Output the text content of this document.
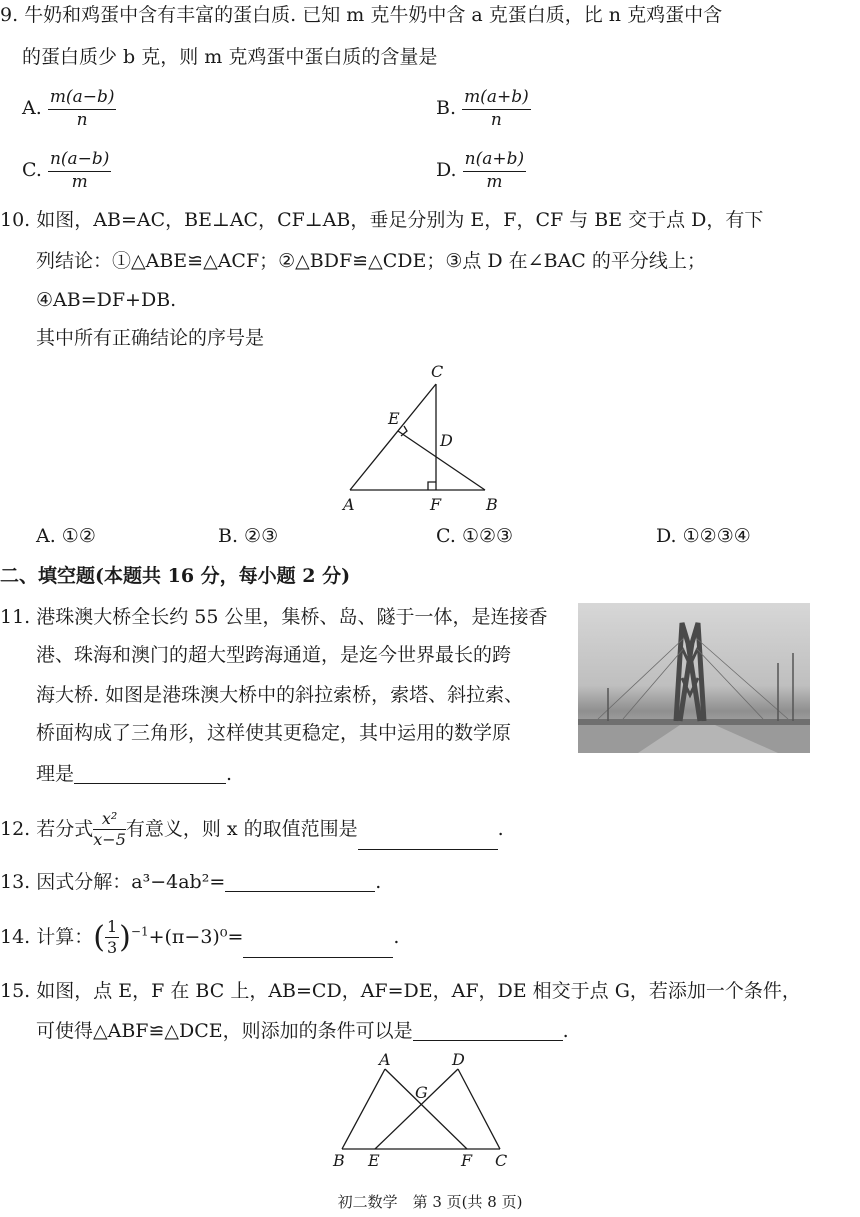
9. 牛奶和鸡蛋中含有丰富的蛋白质. 已知 m 克牛奶中含 a 克蛋白质，比 n 克鸡蛋中含
的蛋白质少 b 克，则 m 克鸡蛋中蛋白质的含量是
A. $\frac{m(a-b)}{n}$	B. $\frac{m(a+b)}{n}$
C. $\frac{n(a-b)}{m}$	D. $\frac{n(a+b)}{m}$
10. 如图，AB=AC，BE⊥AC，CF⊥AB，垂足分别为 E，F，CF 与 BE 交于点 D，有下
列结论：①△ABE≌△ACF；②△BDF≌△CDE；③点 D 在∠BAC 的平分线上；
④AB=DF+DB.
其中所有正确结论的序号是
C
E
D
A	F	B
A. ①②	B. ②③	C. ①②③	D. ①②③④
二、填空题(本题共 16 分，每小题 2 分)
11. 港珠澳大桥全长约 55 公里，集桥、岛、隧于一体，是连接香
港、珠海和澳门的超大型跨海通道，是迄今世界最长的跨
海大桥. 如图是港珠澳大桥中的斜拉索桥，索塔、斜拉索、
桥面构成了三角形，这样使其更稳定，其中运用的数学原
理是	.
12. 若分式 $\frac{\text{x²}}{x-5}$ 有意义，则 x 的取值范围是	.
13. 因式分解：a³−4ab²=	.
14. 计算：( $\frac{1}{3} )^{-1}+(\pi-3)^0=$	.
15. 如图，点 E，F 在 BC 上，AB=CD，AF=DE，AF，DE 相交于点 G，若添加一个条件，
可使得△ABF≌△DCE，则添加的条件可以是	.
A	D
G
B E	F C
初二数学　第 3 页(共 8 页)
